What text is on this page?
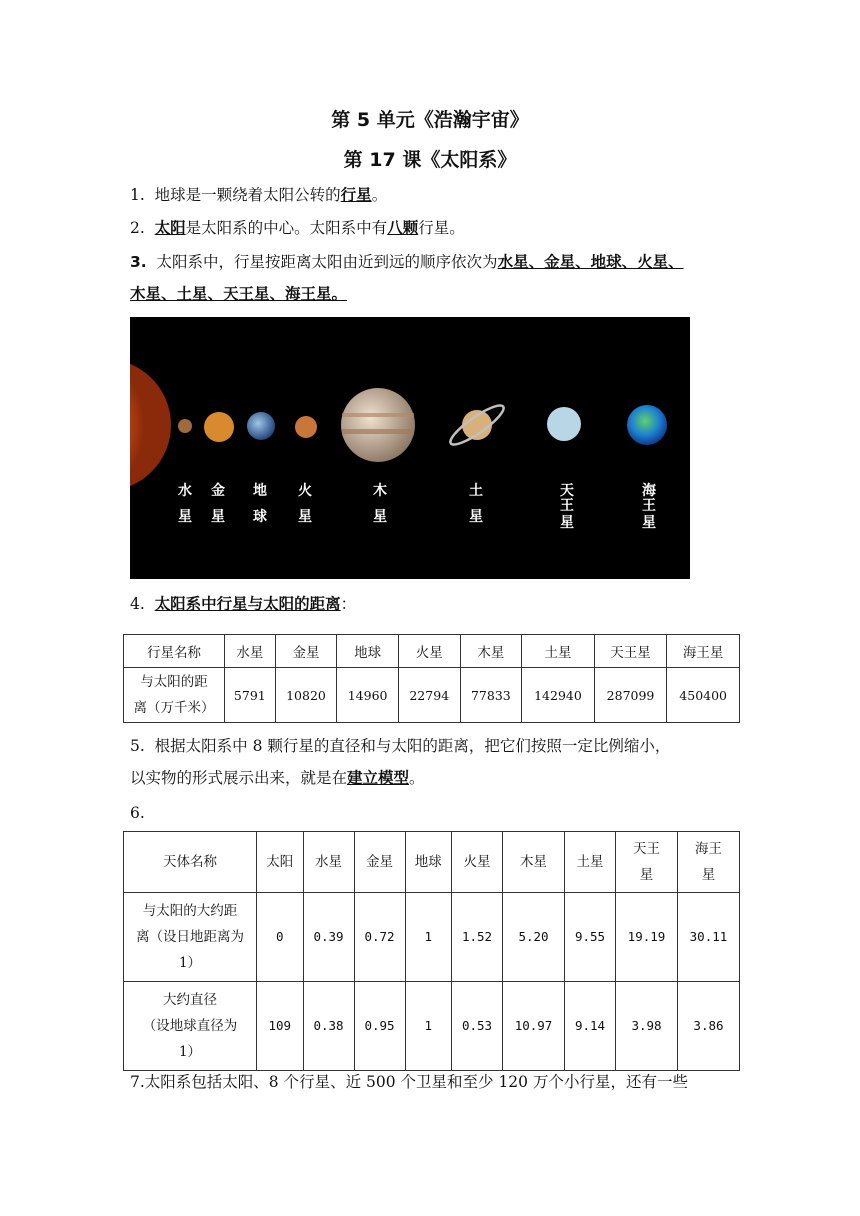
第 5 单元《浩瀚宇宙》
第 17 课《太阳系》
1. 地球是一颗绕着太阳公转的行星。
2. 太阳是太阳系的中心。太阳系中有八颗行星。
3. 太阳系中，行星按距离太阳由近到远的顺序依次为水星、金星、地球、火星、
木星、土星、天王星、海王星。
水
星
金
星
地
球
火
星
木
星
土
星
天
王
星
海
王
星
4. 太阳系中行星与太阳的距离：
行星名称	水星	金星	地球	火星	木星	土星	天王星	海王星
与太阳的距
离（万千米）	5791	10820	14960	22794	77833	142940	287099	450400
5. 根据太阳系中 8 颗行星的直径和与太阳的距离，把它们按照一定比例缩小，
以实物的形式展示出来，就是在建立模型。
6.
天体名称	太阳	水星	金星	地球	火星	木星	土星	天王
星	海王
星
与太阳的大约距
离（设日地距离为
1）	0	0.39	0.72	1	1.52	5.20	9.55	19.19	30.11
大约直径
（设地球直径为
1）	109	0.38	0.95	1	0.53	10.97	9.14	3.98	3.86
7.太阳系包括太阳、8 个行星、近 500 个卫星和至少 120 万个小行星，还有一些
